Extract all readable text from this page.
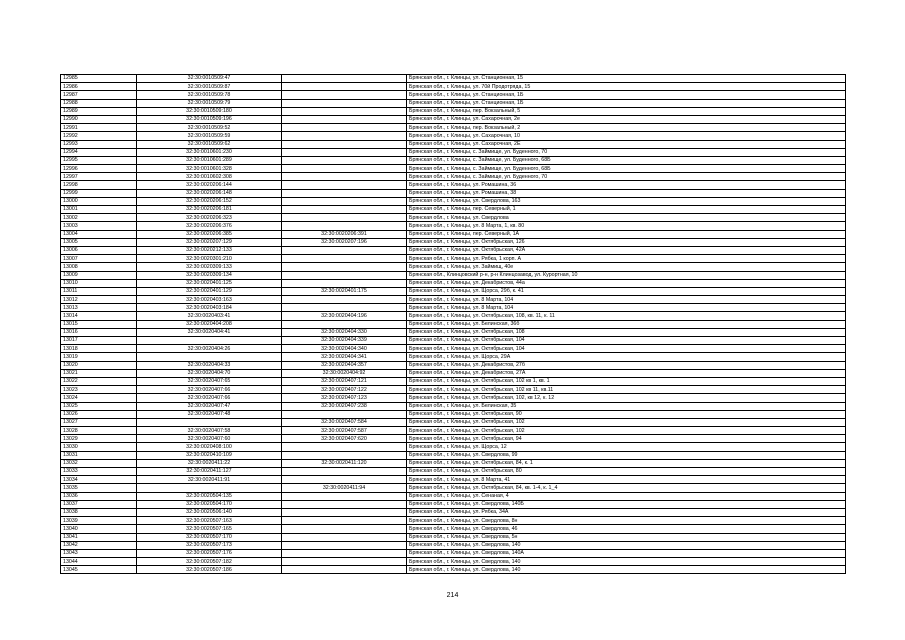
12985	32:30:0010509:47		Брянская обл., г. Клинцы, ул. Станционная, 15
12986	32:30:0010509:87		Брянская обл., г. Клинцы, ул. 70й Продотряда, 15
12987	32:30:0010509:78		Брянская обл., г. Клинцы, ул. Станционная, 1Б
12988	32:30:0010509:79		Брянская обл., г. Клинцы, ул. Станционная, 1Б
12989	32:30:0010509:180		Брянская обл., г. Клинцы, пер. Вокзальный, 5
12990	32:30:0010509:196		Брянская обл., г. Клинцы, ул. Сахарочная, 2е
12991	32:30:0010509:52		Брянская обл., г. Клинцы, пер. Вокзальный, 2
12992	32:30:0010509:59		Брянская обл., г. Клинцы, ул. Сахарочная, 10
12993	32:30:0010509:62		Брянская обл., г. Клинцы, ул. Сахарочная, 2Е
12994	32:30:0010601:230		Брянская обл., г. Клинцы, с. Займище, ул. Буденного, 70
12995	32:30:0010601:289		Брянская обл., г. Клинцы, с. Займище, ул. Буденного, 68Б
12996	32:30:0010601:328		Брянская обл., г. Клинцы, с. Займище, ул. Буденного, 68Б
12997	32:30:0010602:308		Брянская обл., г. Клинцы, с. Займище, ул. Буденного, 70
12998	32:30:0020206:144		Брянская обл., г. Клинцы, ул. Ромашина, 36
12999	32:30:0020206:148		Брянская обл., г. Клинцы, ул. Ромашина, 38
13000	32:30:0020206:152		Брянская обл., г. Клинцы, ул. Свердлова, 163
13001	32:30:0020206:181		Брянская обл., г. Клинцы, пер. Северный, 1
13002	32:30:0020206:323		Брянская обл., г. Клинцы, ул. Свердлова
13003	32:30:0020206:376		Брянская обл., г. Клинцы, ул. 8 Марта, 1, кв. 80
13004	32:30:0020206:385	32:30:0020206:391	Брянская обл., г. Клинцы, пер. Северный, 1А
13005	32:30:0020207:129	32:30:0020207:196	Брянская обл., г. Клинцы, ул. Октябрьская, 126
13006	32:30:0020212:133		Брянская обл., г. Клинцы, ул. Октябрьская, 42А
13007	32:30:0020301:210		Брянская обл., г. Клинцы, ул. Рябка, 1 корп. А
13008	32:30:0020309:133		Брянская обл., г. Клинцы, ул. Займищ, 40е
13009	32:30:0020309:134		Брянская обл., Клинцовский р-н, р-н Клинцозавод, ул. Курортная, 10
13010	32:30:0020401:125		Брянская обл., г. Клинцы, ул. Декабристов, 44а
13011	32:30:0020401:129	32:30:0020401:175	Брянская обл., г. Клинцы, ул. Щорса, 29б, к. 41
13012	32:30:0020403:163		Брянская обл., г. Клинцы, ул. 8 Марта, 104
13013	32:30:0020403:184		Брянская обл., г. Клинцы, ул. 8 Марта, 104
13014	32:30:0020403:41	32:30:0020404:196	Брянская обл., г. Клинцы, ул. Октябрьская, 108, кв. 11, к. 11
13015	32:30:0020404:208		Брянская обл., г. Клинцы, ул. Белинская, 36б
13016	32:30:0020404:41	32:30:0020404:330	Брянская обл., г. Клинцы, ул. Октябрьская, 108
13017		32:30:0020404:339	Брянская обл., г. Клинцы, ул. Октябрьская, 104
13018	32:30:0020404:26	32:30:0020404:340	Брянская обл., г. Клинцы, ул. Октябрьская, 104
13019		32:30:0020404:341	Брянская обл., г. Клинцы, ул. Щорса, 29А
13020	32:30:0020404:33	32:30:0020404:357	Брянская обл., г. Клинцы, ул. Декабристов, 27б
13021	32:30:0020404:70	32:30:0020404:92	Брянская обл., г. Клинцы, ул. Декабристов, 27А
13022	32:30:0020407:65	32:30:0020407:121	Брянская обл., г. Клинцы, ул. Октябрьская, 102 кв 1, кв. 1
13023	32:30:0020407:66	32:30:0020407:122	Брянская обл., г. Клинцы, ул. Октябрьская, 102 кв 11, кв.11
13024	32:30:0020407:66	32:30:0020407:123	Брянская обл., г. Клинцы, ул. Октябрьская, 102, кв 12, к. 12
13025	32:30:0020407:47	32:30:0020407:238	Брянская обл., г. Клинцы, ул. Белинская, 35
13026	32:30:0020407:48		Брянская обл., г. Клинцы, ул. Октябрьская, 90
13027		32:30:0020407:584	Брянская обл., г. Клинцы, ул. Октябрьская, 102
13028	32:30:0020407:58	32:30:0020407:587	Брянская обл., г. Клинцы, ул. Октябрьская, 102
13029	32:30:0020407:60	32:30:0020407:620	Брянская обл., г. Клинцы, ул. Октябрьская, 94
13030	32:30:0020408:100		Брянская обл., г. Клинцы, ул. Щорса, 12
13031	32:30:0020410:109		Брянская обл., г. Клинцы, ул. Свердлова, 99
13032	32:30:0020411:22	32:30:0020411:120	Брянская обл., г. Клинцы, ул. Октябрьская, 84, к. 1
13033	32:30:0020411:127		Брянская обл., г. Клинцы, ул. Октябрьская, 80
13034	32:30:0020411:91		Брянская обл., г. Клинцы, ул. 8 Марта, 41
13035		32:30:0020411:94	Брянская обл., г. Клинцы, ул. Октябрьская, 84, кв. 1-4, к. 1_4
13036	32:30:0020504:135		Брянская обл., г. Клинцы, ул. Сенаная, 4
13037	32:30:0020504:170		Брянская обл., г. Клинцы, ул. Свердлова, 140Б
13038	32:30:0020506:140		Брянская обл., г. Клинцы, ул. Рябка, 34А
13039	32:30:0020507:163		Брянская обл., г. Клинцы, ул. Свердлова, 8н
13040	32:30:0020507:165		Брянская обл., г. Клинцы, ул. Свердлова, 46
13041	32:30:0020507:170		Брянская обл., г. Клинцы, ул. Свердлова, 5н
13042	32:30:0020507:173		Брянская обл., г. Клинцы, ул. Свердлова, 140
13043	32:30:0020507:176		Брянская обл., г. Клинцы, ул. Свердлова, 140А
13044	32:30:0020507:182		Брянская обл., г. Клинцы, ул. Свердлова, 140
13045	32:30:0020507:186		Брянская обл., г. Клинцы, ул. Свердлова, 140
214
